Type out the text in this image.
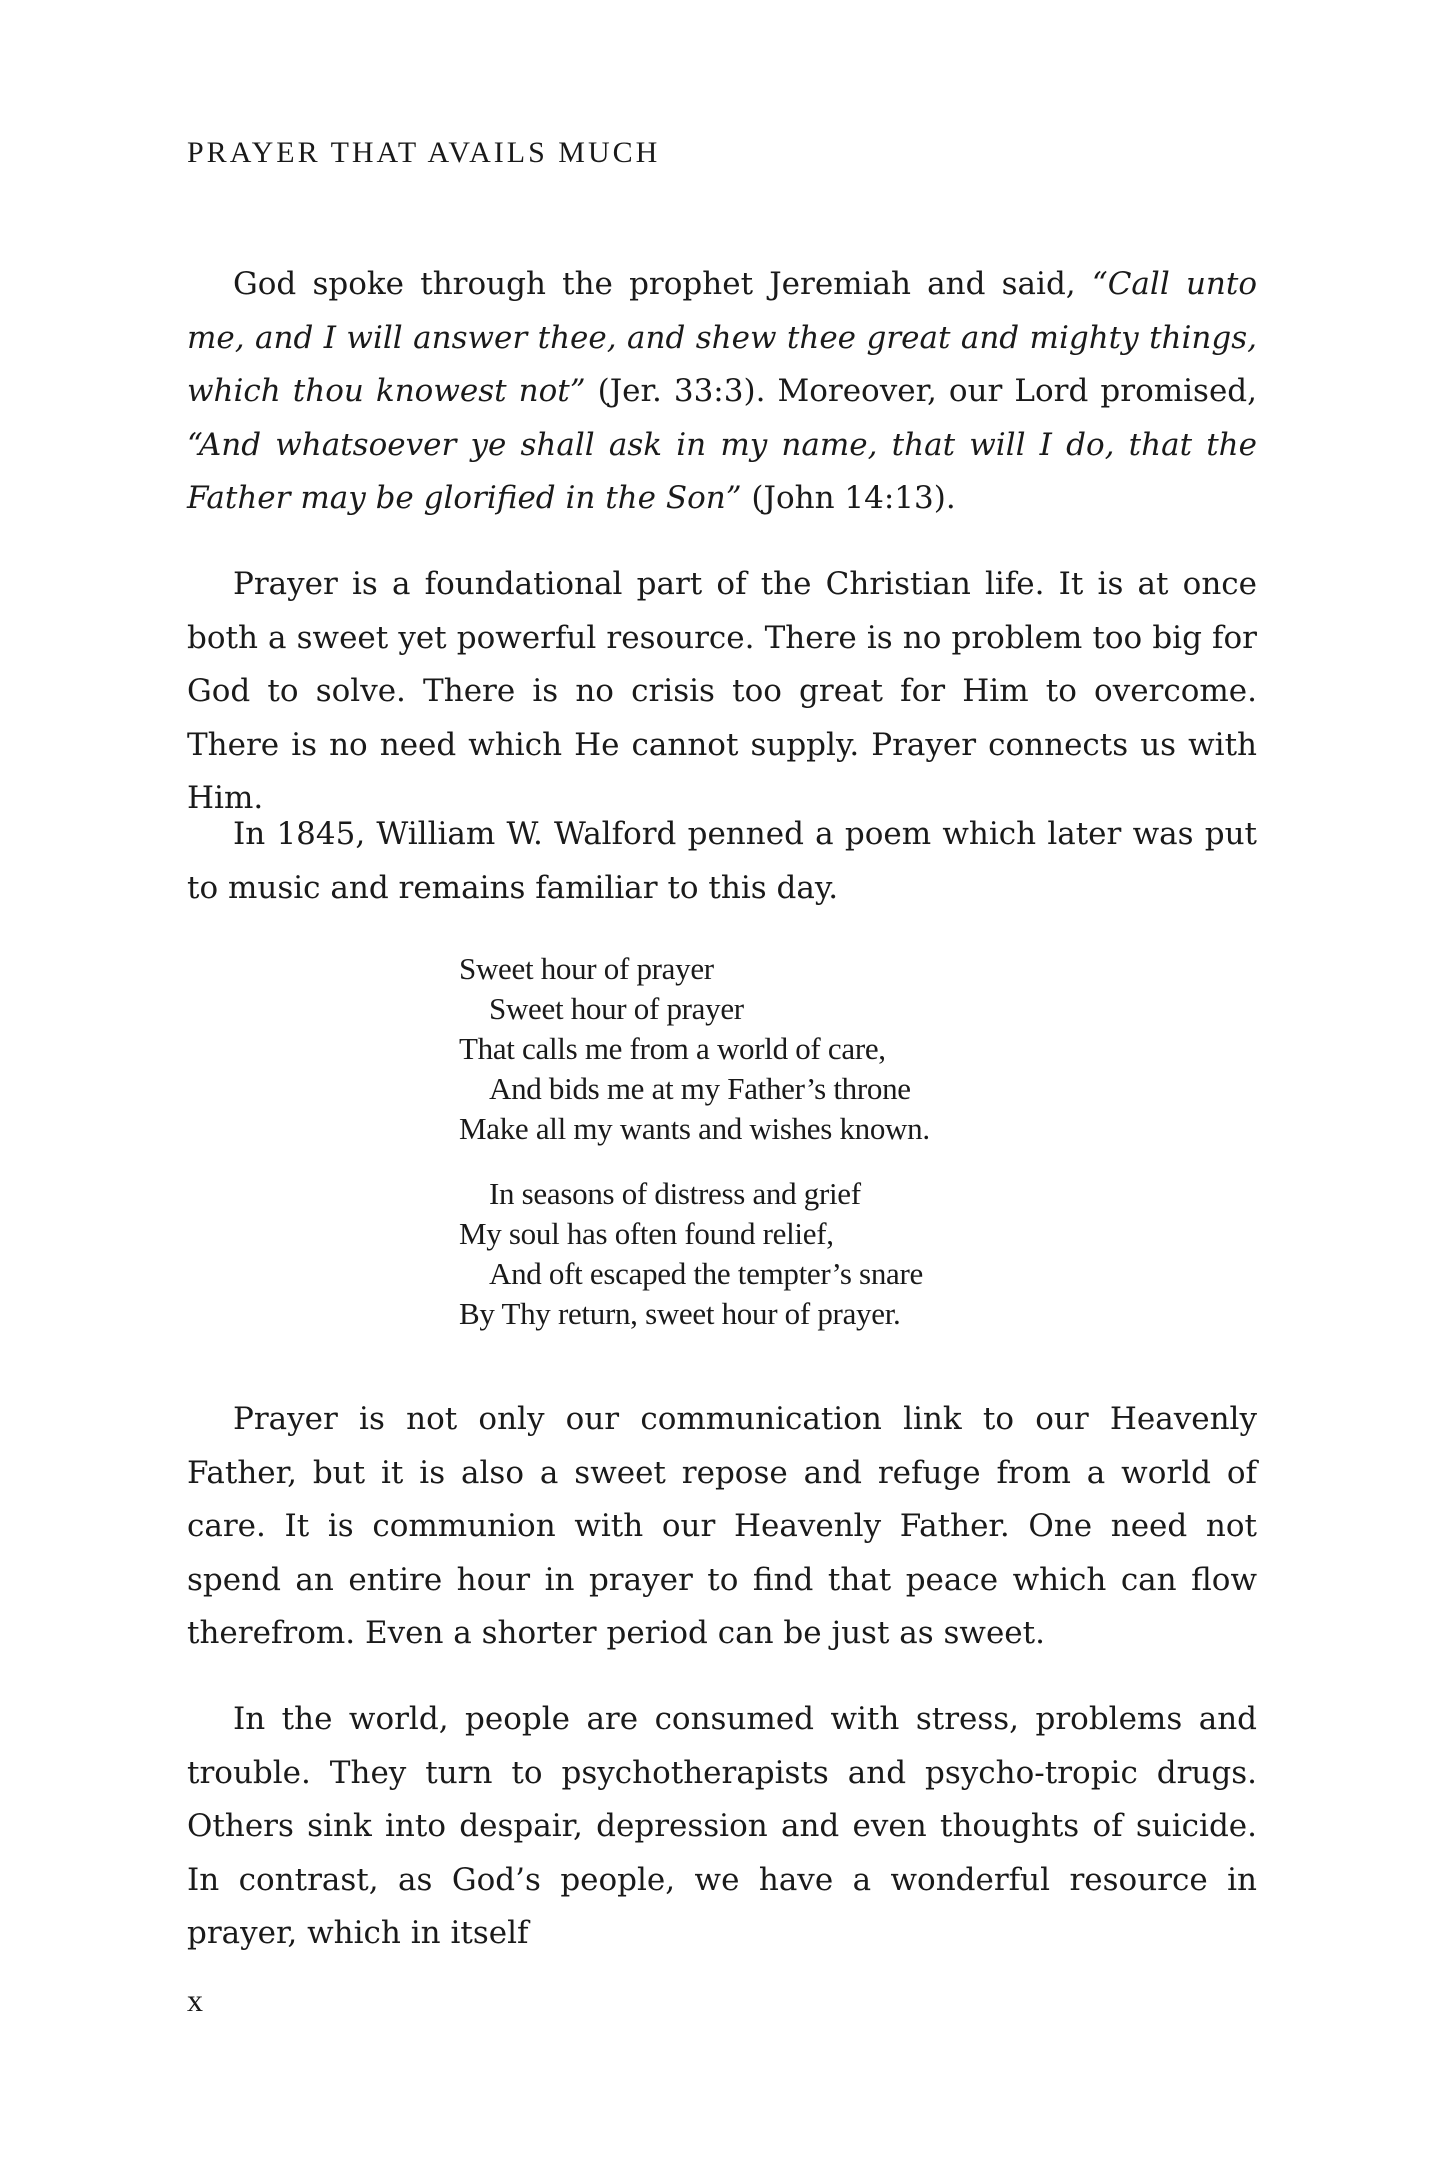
PRAYER THAT AVAILS MUCH

God spoke through the prophet Jeremiah and said, “Call unto me, and I will answer thee, and shew thee great and mighty things, which thou knowest not” (Jer. 33:3). Moreover, our Lord promised, “And whatsoever ye shall ask in my name, that will I do, that the Father may be glorified in the Son” (John 14:13).

Prayer is a foundational part of the Christian life. It is at once both a sweet yet powerful resource. There is no problem too big for God to solve. There is no crisis too great for Him to overcome. There is no need which He cannot supply. Prayer connects us with Him.

In 1845, William W. Walford penned a poem which later was put to music and remains familiar to this day.

Sweet hour of prayer
Sweet hour of prayer
That calls me from a world of care,
And bids me at my Father’s throne
Make all my wants and wishes known.
In seasons of distress and grief
My soul has often found relief,
And oft escaped the tempter’s snare
By Thy return, sweet hour of prayer.

Prayer is not only our communication link to our Heavenly Father, but it is also a sweet repose and refuge from a world of care. It is communion with our Heavenly Father. One need not spend an entire hour in prayer to find that peace which can flow therefrom. Even a shorter period can be just as sweet.

In the world, people are consumed with stress, problems and trouble. They turn to psychotherapists and psycho-tropic drugs. Others sink into despair, depression and even thoughts of suicide. In contrast, as God’s people, we have a wonderful resource in prayer, which in itself

x
